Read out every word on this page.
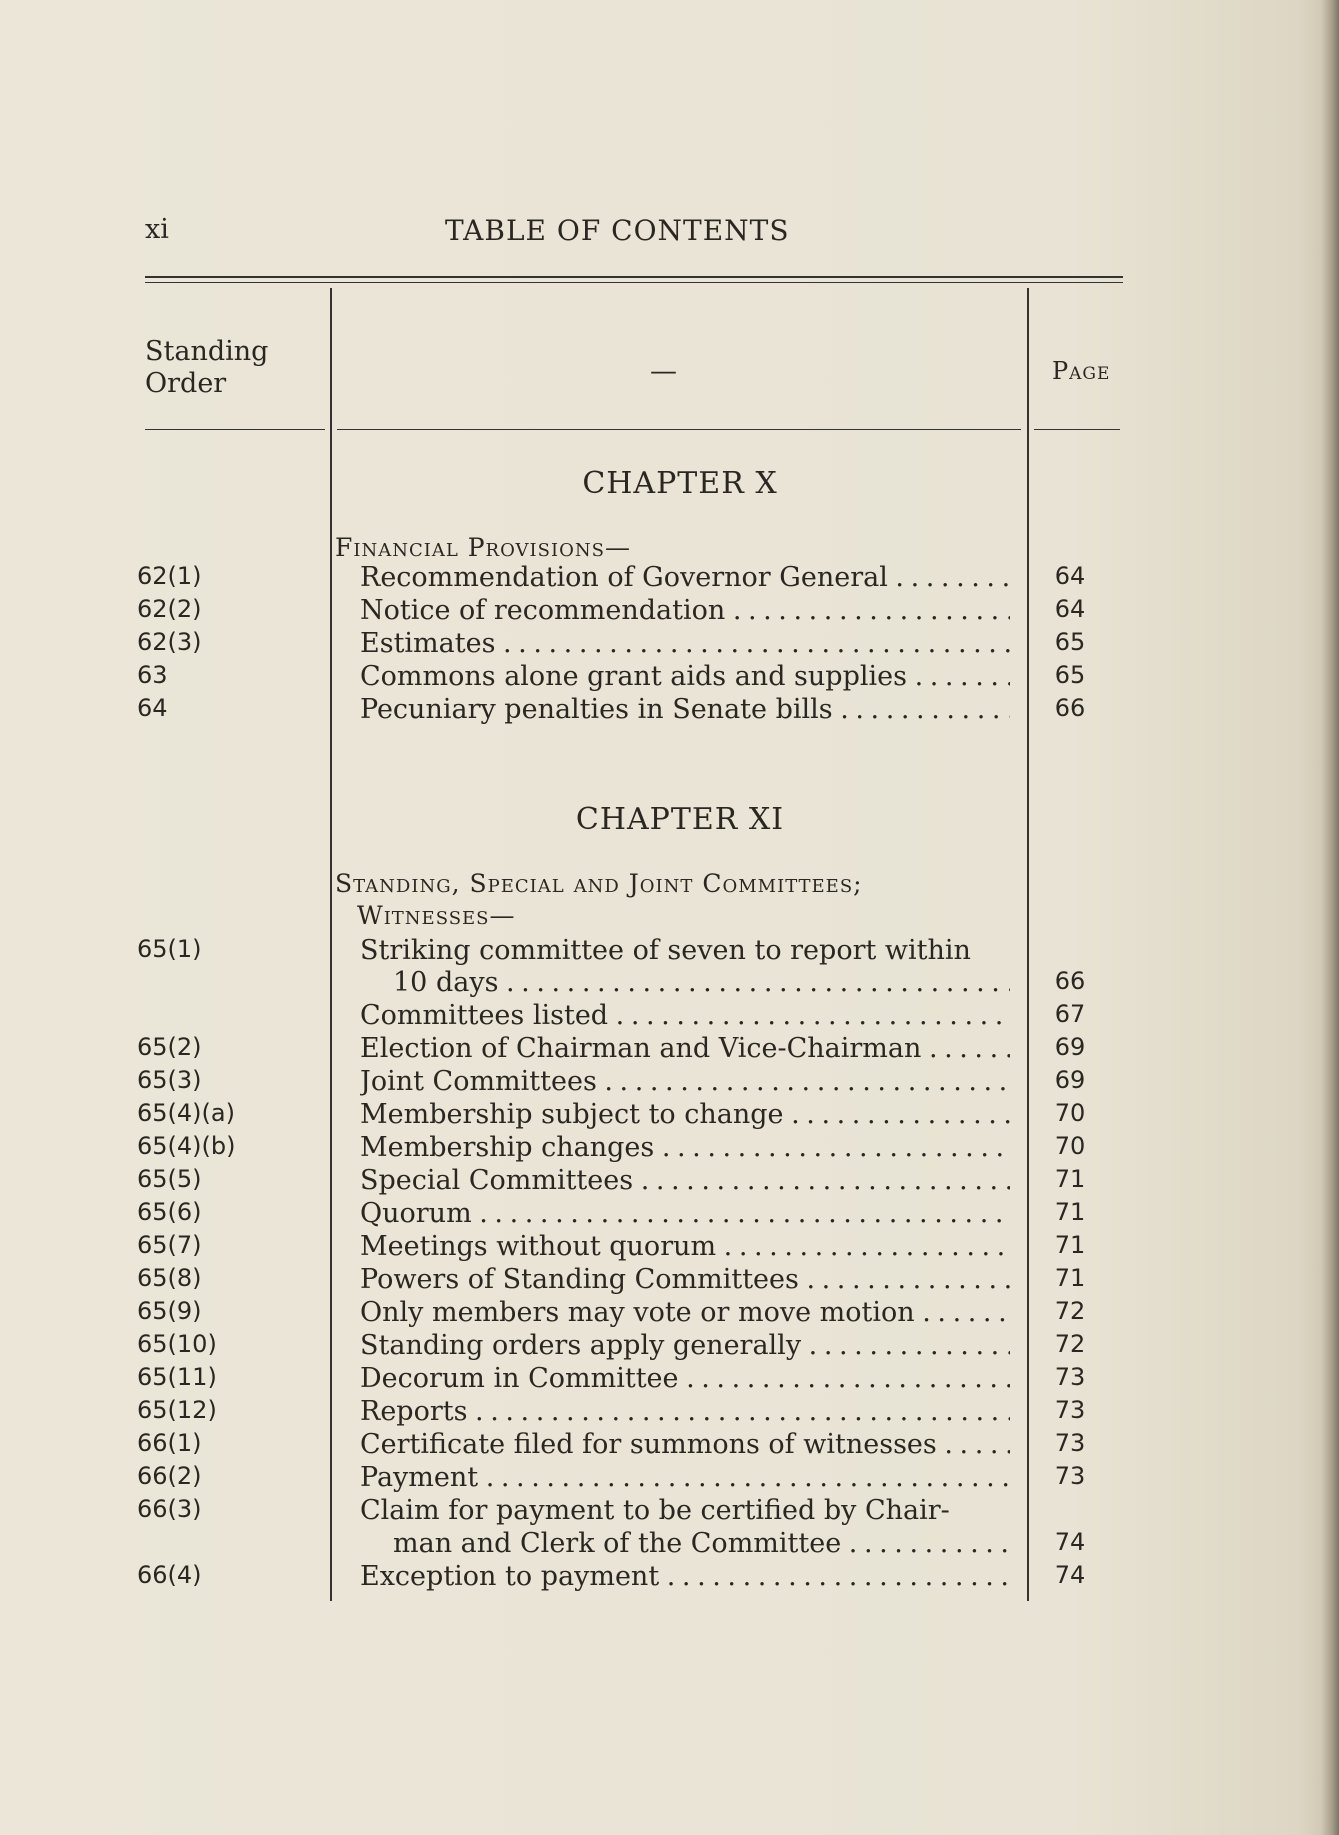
xi	TABLE OF CONTENTS
Standing
Order	—	Page
CHAPTER X
Financial Provisions—
62(1)	Recommendation of Governor General . . .	64
62(2)	Notice of recommendation . . .	64
62(3)	Estimates . . .	65
63	Commons alone grant aids and supplies . . .	65
64	Pecuniary penalties in Senate bills . . .	66
CHAPTER XI
Standing, Special and Joint Committees;
Witnesses—
65(1)	Striking committee of seven to report within
10 days . . .	66
Committees listed . . .	67
65(2)	Election of Chairman and Vice-Chairman . . .	69
65(3)	Joint Committees . . .	69
65(4)(a)	Membership subject to change . . .	70
65(4)(b)	Membership changes . . .	70
65(5)	Special Committees . . .	71
65(6)	Quorum . . .	71
65(7)	Meetings without quorum . . .	71
65(8)	Powers of Standing Committees . . .	71
65(9)	Only members may vote or move motion . . .	72
65(10)	Standing orders apply generally . . .	72
65(11)	Decorum in Committee . . .	73
65(12)	Reports . . .	73
66(1)	Certificate filed for summons of witnesses . . .	73
66(2)	Payment . . .	73
66(3)	Claim for payment to be certified by Chair-
man and Clerk of the Committee . . .	74
66(4)	Exception to payment . . .	74
